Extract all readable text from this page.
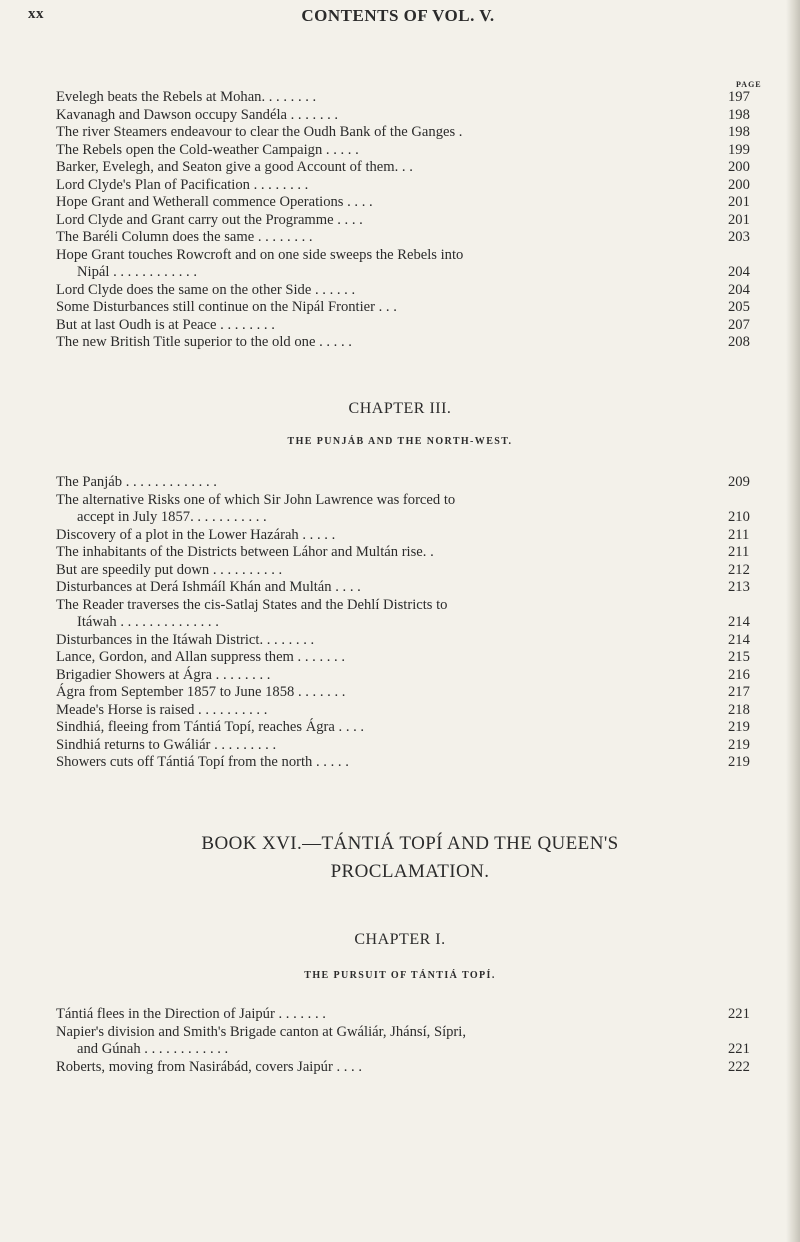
xx	CONTENTS OF VOL. V.
PAGE
Evelegh beats the Rebels at Mohan. . . . . . . .	197
Kavanagh and Dawson occupy Sandéla . . . . . . .	198
The river Steamers endeavour to clear the Oudh Bank of the Ganges .	198
The Rebels open the Cold-weather Campaign . . . . .	199
Barker, Evelegh, and Seaton give a good Account of them. . .	200
Lord Clyde's Plan of Pacification . . . . . . . .	200
Hope Grant and Wetherall commence Operations . . . .	201
Lord Clyde and Grant carry out the Programme . . . .	201
The Baréli Column does the same . . . . . . . .	203
Hope Grant touches Rowcroft and on one side sweeps the Rebels into
Nipál . . . . . . . . . . . .	204
Lord Clyde does the same on the other Side . . . . . .	204
Some Disturbances still continue on the Nipál Frontier . . .	205
But at last Oudh is at Peace . . . . . . . .	207
The new British Title superior to the old one . . . . .	208
CHAPTER III.
THE PUNJÁB AND THE NORTH-WEST.
The Panjáb . . . . . . . . . . . . .	209
The alternative Risks one of which Sir John Lawrence was forced to
accept in July 1857. . . . . . . . . . .	210
Discovery of a plot in the Lower Hazárah . . . . .	211
The inhabitants of the Districts between Láhor and Multán rise. .	211
But are speedily put down . . . . . . . . . .	212
Disturbances at Derá Ishmáíl Khán and Multán . . . .	213
The Reader traverses the cis-Satlaj States and the Dehlí Districts to
Itáwah . . . . . . . . . . . . . .	214
Disturbances in the Itáwah District. . . . . . . .	214
Lance, Gordon, and Allan suppress them . . . . . . .	215
Brigadier Showers at Ágra . . . . . . . .	216
Ágra from September 1857 to June 1858 . . . . . . .	217
Meade's Horse is raised . . . . . . . . . .	218
Sindhiá, fleeing from Tántiá Topí, reaches Ágra . . . .	219
Sindhiá returns to Gwáliár . . . . . . . . .	219
Showers cuts off Tántiá Topí from the north . . . . .	219
BOOK XVI.—TÁNTIÁ TOPÍ AND THE QUEEN'S
PROCLAMATION.
CHAPTER I.
THE PURSUIT OF TÁNTIÁ TOPÍ.
Tántiá flees in the Direction of Jaipúr . . . . . . .	221
Napier's division and Smith's Brigade canton at Gwáliár, Jhánsí, Sípri,
and Gúnah . . . . . . . . . . . .	221
Roberts, moving from Nasirábád, covers Jaipúr . . . .	222
